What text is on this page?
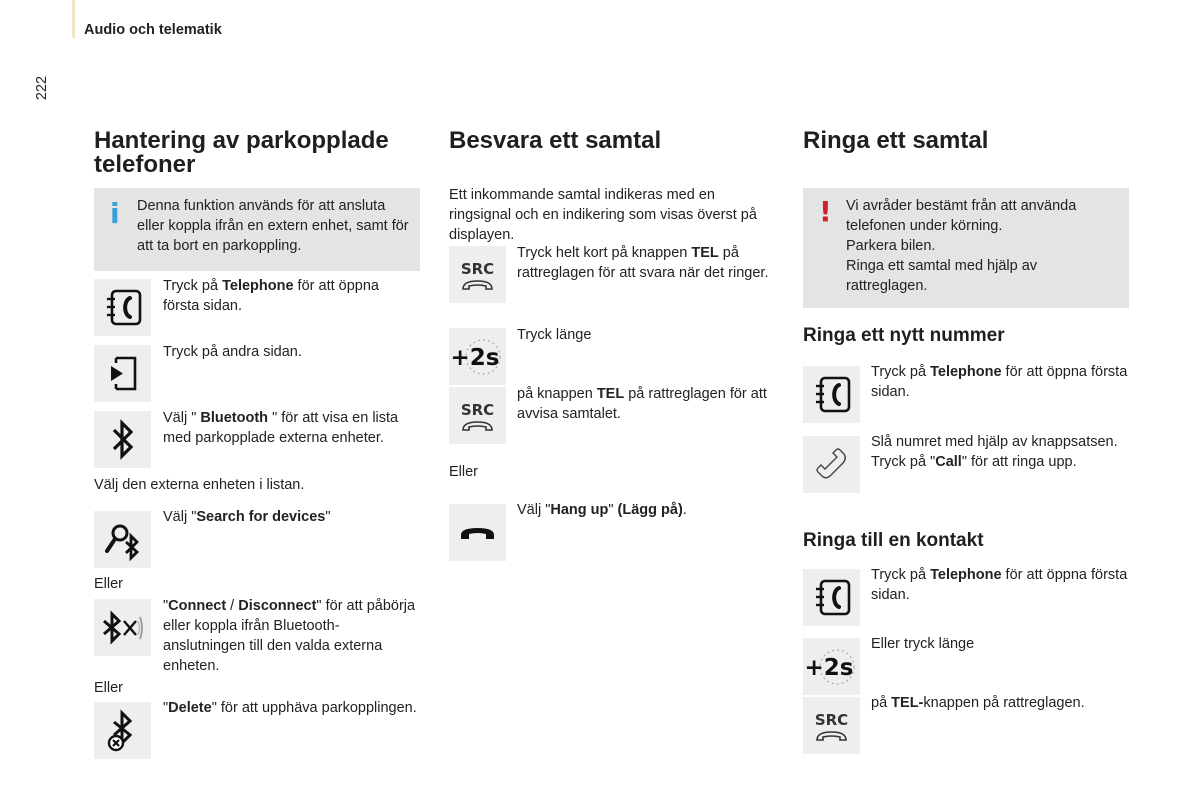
Audio och telematik
222
Hantering av parkopplade telefoner
i Denna funktion används för att ansluta eller koppla ifrån en extern enhet, samt för att ta bort en parkoppling.
Tryck på Telephone för att öppna första sidan.
Tryck på andra sidan.
Välj " Bluetooth " för att visa en lista med parkopplade externa enheter.
Välj den externa enheten i listan.
Välj "Search for devices"
Eller
"Connect / Disconnect" för att påbörja eller koppla ifrån Bluetooth-anslutningen till den valda externa enheten.
Eller
"Delete" för att upphäva parkopplingen.
Besvara ett samtal
Ett inkommande samtal indikeras med en ringsignal och en indikering som visas överst på displayen.
SRC
Tryck helt kort på knappen TEL på rattreglagen för att svara när det ringer.
+2s
Tryck länge
SRC
på knappen TEL på rattreglagen för att avvisa samtalet.
Eller
Välj "Hang up" (Lägg på).
Ringa ett samtal
! Vi avråder bestämt från att använda telefonen under körning.
Parkera bilen.
Ringa ett samtal med hjälp av rattreglagen.
Ringa ett nytt nummer
Tryck på Telephone för att öppna första sidan.
Slå numret med hjälp av knappsatsen.
Tryck på "Call" för att ringa upp.
Ringa till en kontakt
Tryck på Telephone för att öppna första sidan.
+2s
Eller tryck länge
SRC
på TEL-knappen på rattreglagen.
